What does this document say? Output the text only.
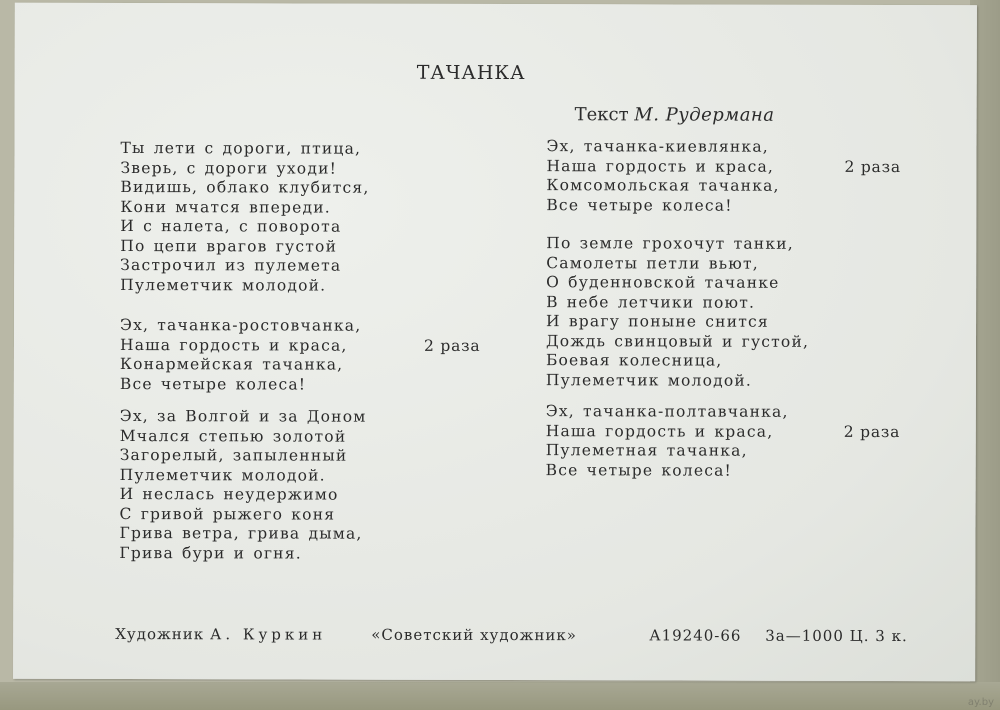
ТАЧАНКА
Текст М. Рудермана
Ты лети с дороги, птица,
Зверь, с дороги уходи!
Видишь, облако клубится,
Кони мчатся впереди.
И с налета, с поворота
По цепи врагов густой
Застрочил из пулемета
Пулеметчик молодой.
Эх, тачанка-ростовчанка,
Наша гордость и краса,
Конармейская тачанка,
Все четыре колеса!
2 раза
Эх, за Волгой и за Доном
Мчался степью золотой
Загорелый, запыленный
Пулеметчик молодой.
И неслась неудержимо
С гривой рыжего коня
Грива ветра, грива дыма,
Грива бури и огня.
Эх, тачанка-киевлянка,
Наша гордость и краса,
Комсомольская тачанка,
Все четыре колеса!
2 раза
По земле грохочут танки,
Самолеты петли вьют,
О буденновской тачанке
В небе летчики поют.
И врагу поныне снится
Дождь свинцовый и густой,
Боевая колесница,
Пулеметчик молодой.
Эх, тачанка-полтавчанка,
Наша гордость и краса,
Пулеметная тачанка,
Все четыре колеса!
2 раза
Художник А. Куркин	«Советский художник»	А19240-66 3а—1000 Ц. 3 к.
ay.by
